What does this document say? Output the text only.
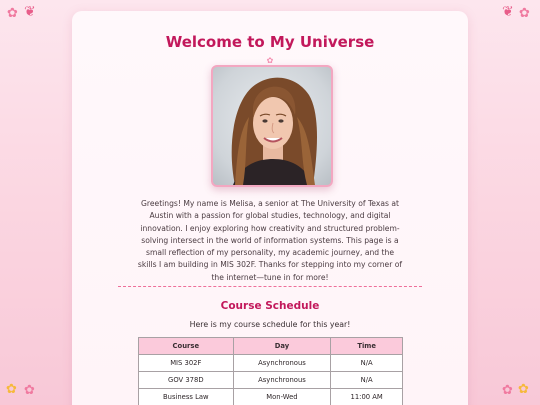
✿ ❦	❦ ✿
✿ ✿	✿ ✿
Welcome to My Universe
✿
Greetings! My name is Melisa, a senior at The University of Texas at Austin with a passion for global studies, technology, and digital innovation. I enjoy exploring how creativity and structured problem-solving intersect in the world of information systems. This page is a small reflection of my personality, my academic journey, and the skills I am building in MIS 302F. Thanks for stepping into my corner of the internet—tune in for more!
Course Schedule
Here is my course schedule for this year!
Course	Day	Time
MIS 302F	Asynchronous	N/A
GOV 378D	Asynchronous	N/A
Business Law	Mon-Wed	11:00 AM
